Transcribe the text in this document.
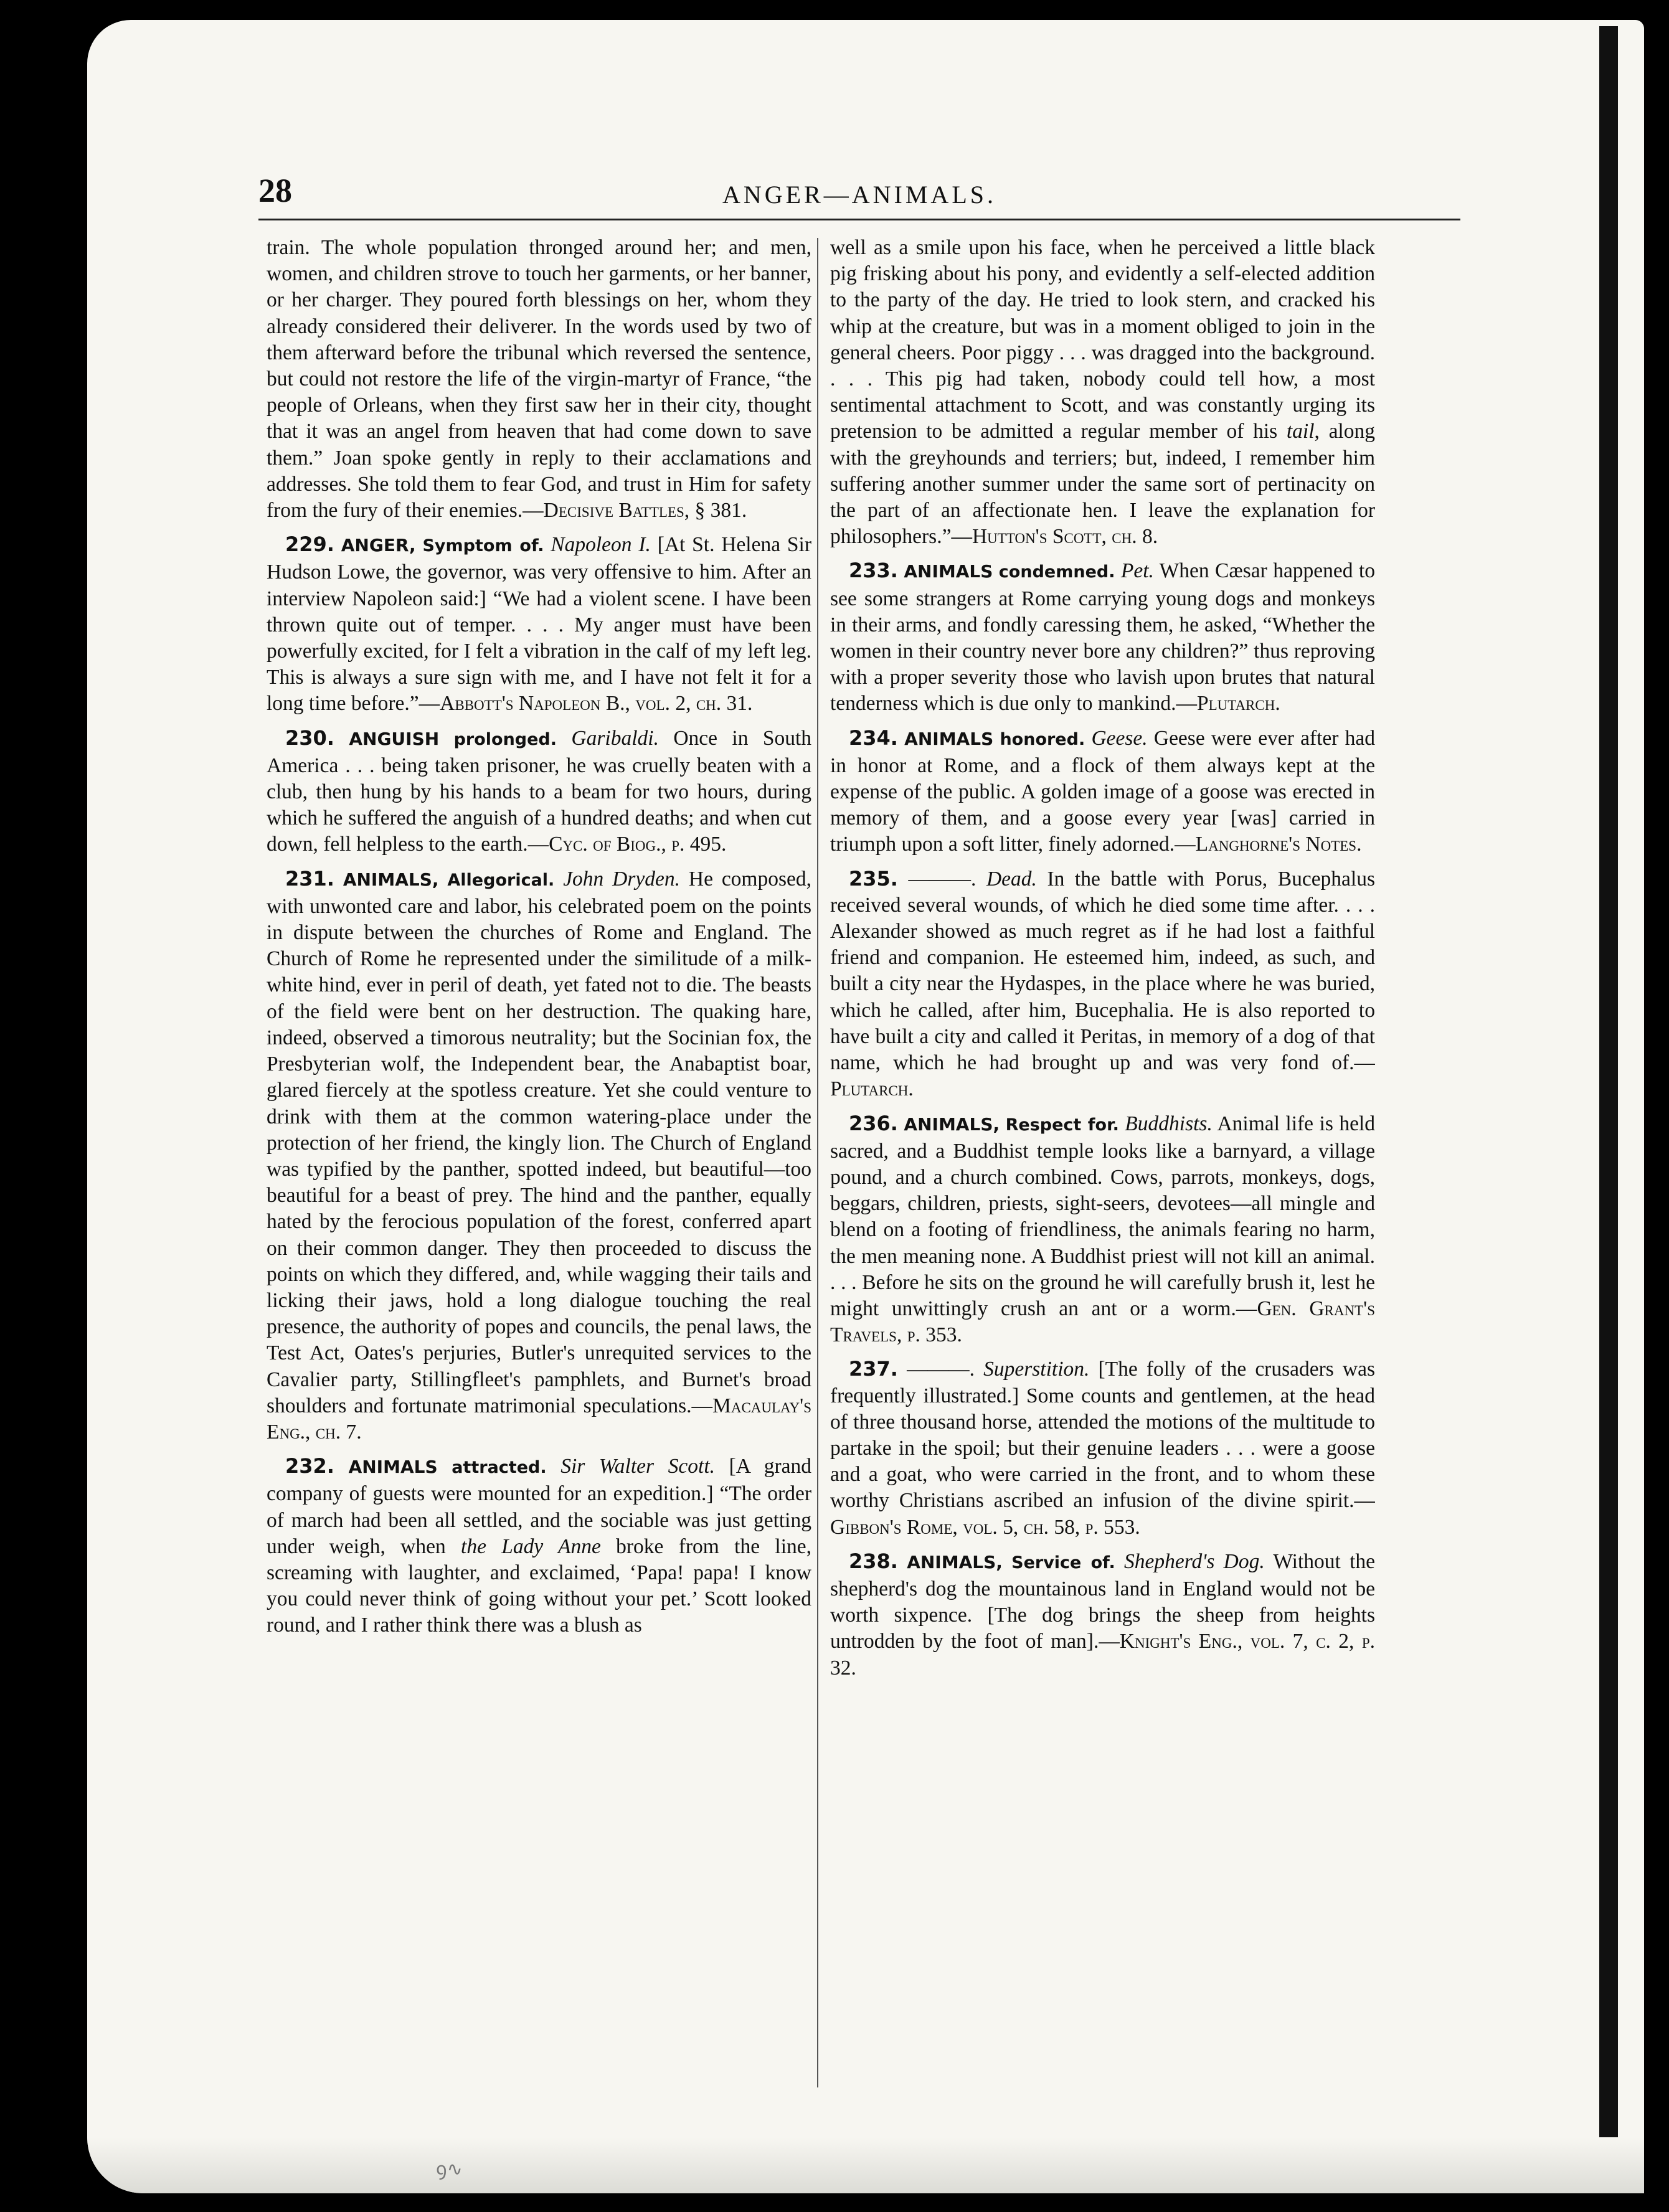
28	ANGER—ANIMALS.

train. The whole population thronged around her; and men, women, and children strove to touch her garments, or her banner, or her charger. They poured forth blessings on her, whom they already considered their deliverer. In the words used by two of them afterward before the tribunal which reversed the sentence, but could not restore the life of the virgin-martyr of France, “the people of Orleans, when they first saw her in their city, thought that it was an angel from heaven that had come down to save them.” Joan spoke gently in reply to their acclamations and addresses. She told them to fear God, and trust in Him for safety from the fury of their enemies.—Decisive Battles, § 381.

229. ANGER, Symptom of. Napoleon I. [At St. Helena Sir Hudson Lowe, the governor, was very offensive to him. After an interview Napoleon said:] “We had a violent scene. I have been thrown quite out of temper. . . . My anger must have been powerfully excited, for I felt a vibration in the calf of my left leg. This is always a sure sign with me, and I have not felt it for a long time before.”—Abbott's Napoleon B., vol. 2, ch. 31.

230. ANGUISH prolonged. Garibaldi. Once in South America . . . being taken prisoner, he was cruelly beaten with a club, then hung by his hands to a beam for two hours, during which he suffered the anguish of a hundred deaths; and when cut down, fell helpless to the earth.—Cyc. of Biog., p. 495.

231. ANIMALS, Allegorical. John Dryden. He composed, with unwonted care and labor, his celebrated poem on the points in dispute between the churches of Rome and England. The Church of Rome he represented under the similitude of a milk-white hind, ever in peril of death, yet fated not to die. The beasts of the field were bent on her destruction. The quaking hare, indeed, observed a timorous neutrality; but the Socinian fox, the Presbyterian wolf, the Independent bear, the Anabaptist boar, glared fiercely at the spotless creature. Yet she could venture to drink with them at the common watering-place under the protection of her friend, the kingly lion. The Church of England was typified by the panther, spotted indeed, but beautiful—too beautiful for a beast of prey. The hind and the panther, equally hated by the ferocious population of the forest, conferred apart on their common danger. They then proceeded to discuss the points on which they differed, and, while wagging their tails and licking their jaws, hold a long dialogue touching the real presence, the authority of popes and councils, the penal laws, the Test Act, Oates's perjuries, Butler's unrequited services to the Cavalier party, Stillingfleet's pamphlets, and Burnet's broad shoulders and fortunate matrimonial speculations.—Macaulay's Eng., ch. 7.

232. ANIMALS attracted. Sir Walter Scott. [A grand company of guests were mounted for an expedition.] “The order of march had been all settled, and the sociable was just getting under weigh, when the Lady Anne broke from the line, screaming with laughter, and exclaimed, ‘Papa! papa! I know you could never think of going without your pet.’ Scott looked round, and I rather think there was a blush as

well as a smile upon his face, when he perceived a little black pig frisking about his pony, and evidently a self-elected addition to the party of the day. He tried to look stern, and cracked his whip at the creature, but was in a moment obliged to join in the general cheers. Poor piggy . . . was dragged into the background. . . . This pig had taken, nobody could tell how, a most sentimental attachment to Scott, and was constantly urging its pretension to be admitted a regular member of his tail, along with the greyhounds and terriers; but, indeed, I remember him suffering another summer under the same sort of pertinacity on the part of an affectionate hen. I leave the explanation for philosophers.”—Hutton's Scott, ch. 8.

233. ANIMALS condemned. Pet. When Cæsar happened to see some strangers at Rome carrying young dogs and monkeys in their arms, and fondly caressing them, he asked, “Whether the women in their country never bore any children?” thus reproving with a proper severity those who lavish upon brutes that natural tenderness which is due only to mankind.—Plutarch.

234. ANIMALS honored. Geese. Geese were ever after had in honor at Rome, and a flock of them always kept at the expense of the public. A golden image of a goose was erected in memory of them, and a goose every year [was] carried in triumph upon a soft litter, finely adorned.—Langhorne's Notes.

235. ———. Dead. In the battle with Porus, Bucephalus received several wounds, of which he died some time after. . . . Alexander showed as much regret as if he had lost a faithful friend and companion. He esteemed him, indeed, as such, and built a city near the Hydaspes, in the place where he was buried, which he called, after him, Bucephalia. He is also reported to have built a city and called it Peritas, in memory of a dog of that name, which he had brought up and was very fond of.—Plutarch.

236. ANIMALS, Respect for. Buddhists. Animal life is held sacred, and a Buddhist temple looks like a barnyard, a village pound, and a church combined. Cows, parrots, monkeys, dogs, beggars, children, priests, sight-seers, devotees—all mingle and blend on a footing of friendliness, the animals fearing no harm, the men meaning none. A Buddhist priest will not kill an animal. . . . Before he sits on the ground he will carefully brush it, lest he might unwittingly crush an ant or a worm.—Gen. Grant's Travels, p. 353.

237. ———. Superstition. [The folly of the crusaders was frequently illustrated.] Some counts and gentlemen, at the head of three thousand horse, attended the motions of the multitude to partake in the spoil; but their genuine leaders . . . were a goose and a goat, who were carried in the front, and to whom these worthy Christians ascribed an infusion of the divine spirit.—Gibbon's Rome, vol. 5, ch. 58, p. 553.

238. ANIMALS, Service of. Shepherd's Dog. Without the shepherd's dog the mountainous land in England would not be worth sixpence. [The dog brings the sheep from heights untrodden by the foot of man].—Knight's Eng., vol. 7, c. 2, p. 32.

ꝯ∿
